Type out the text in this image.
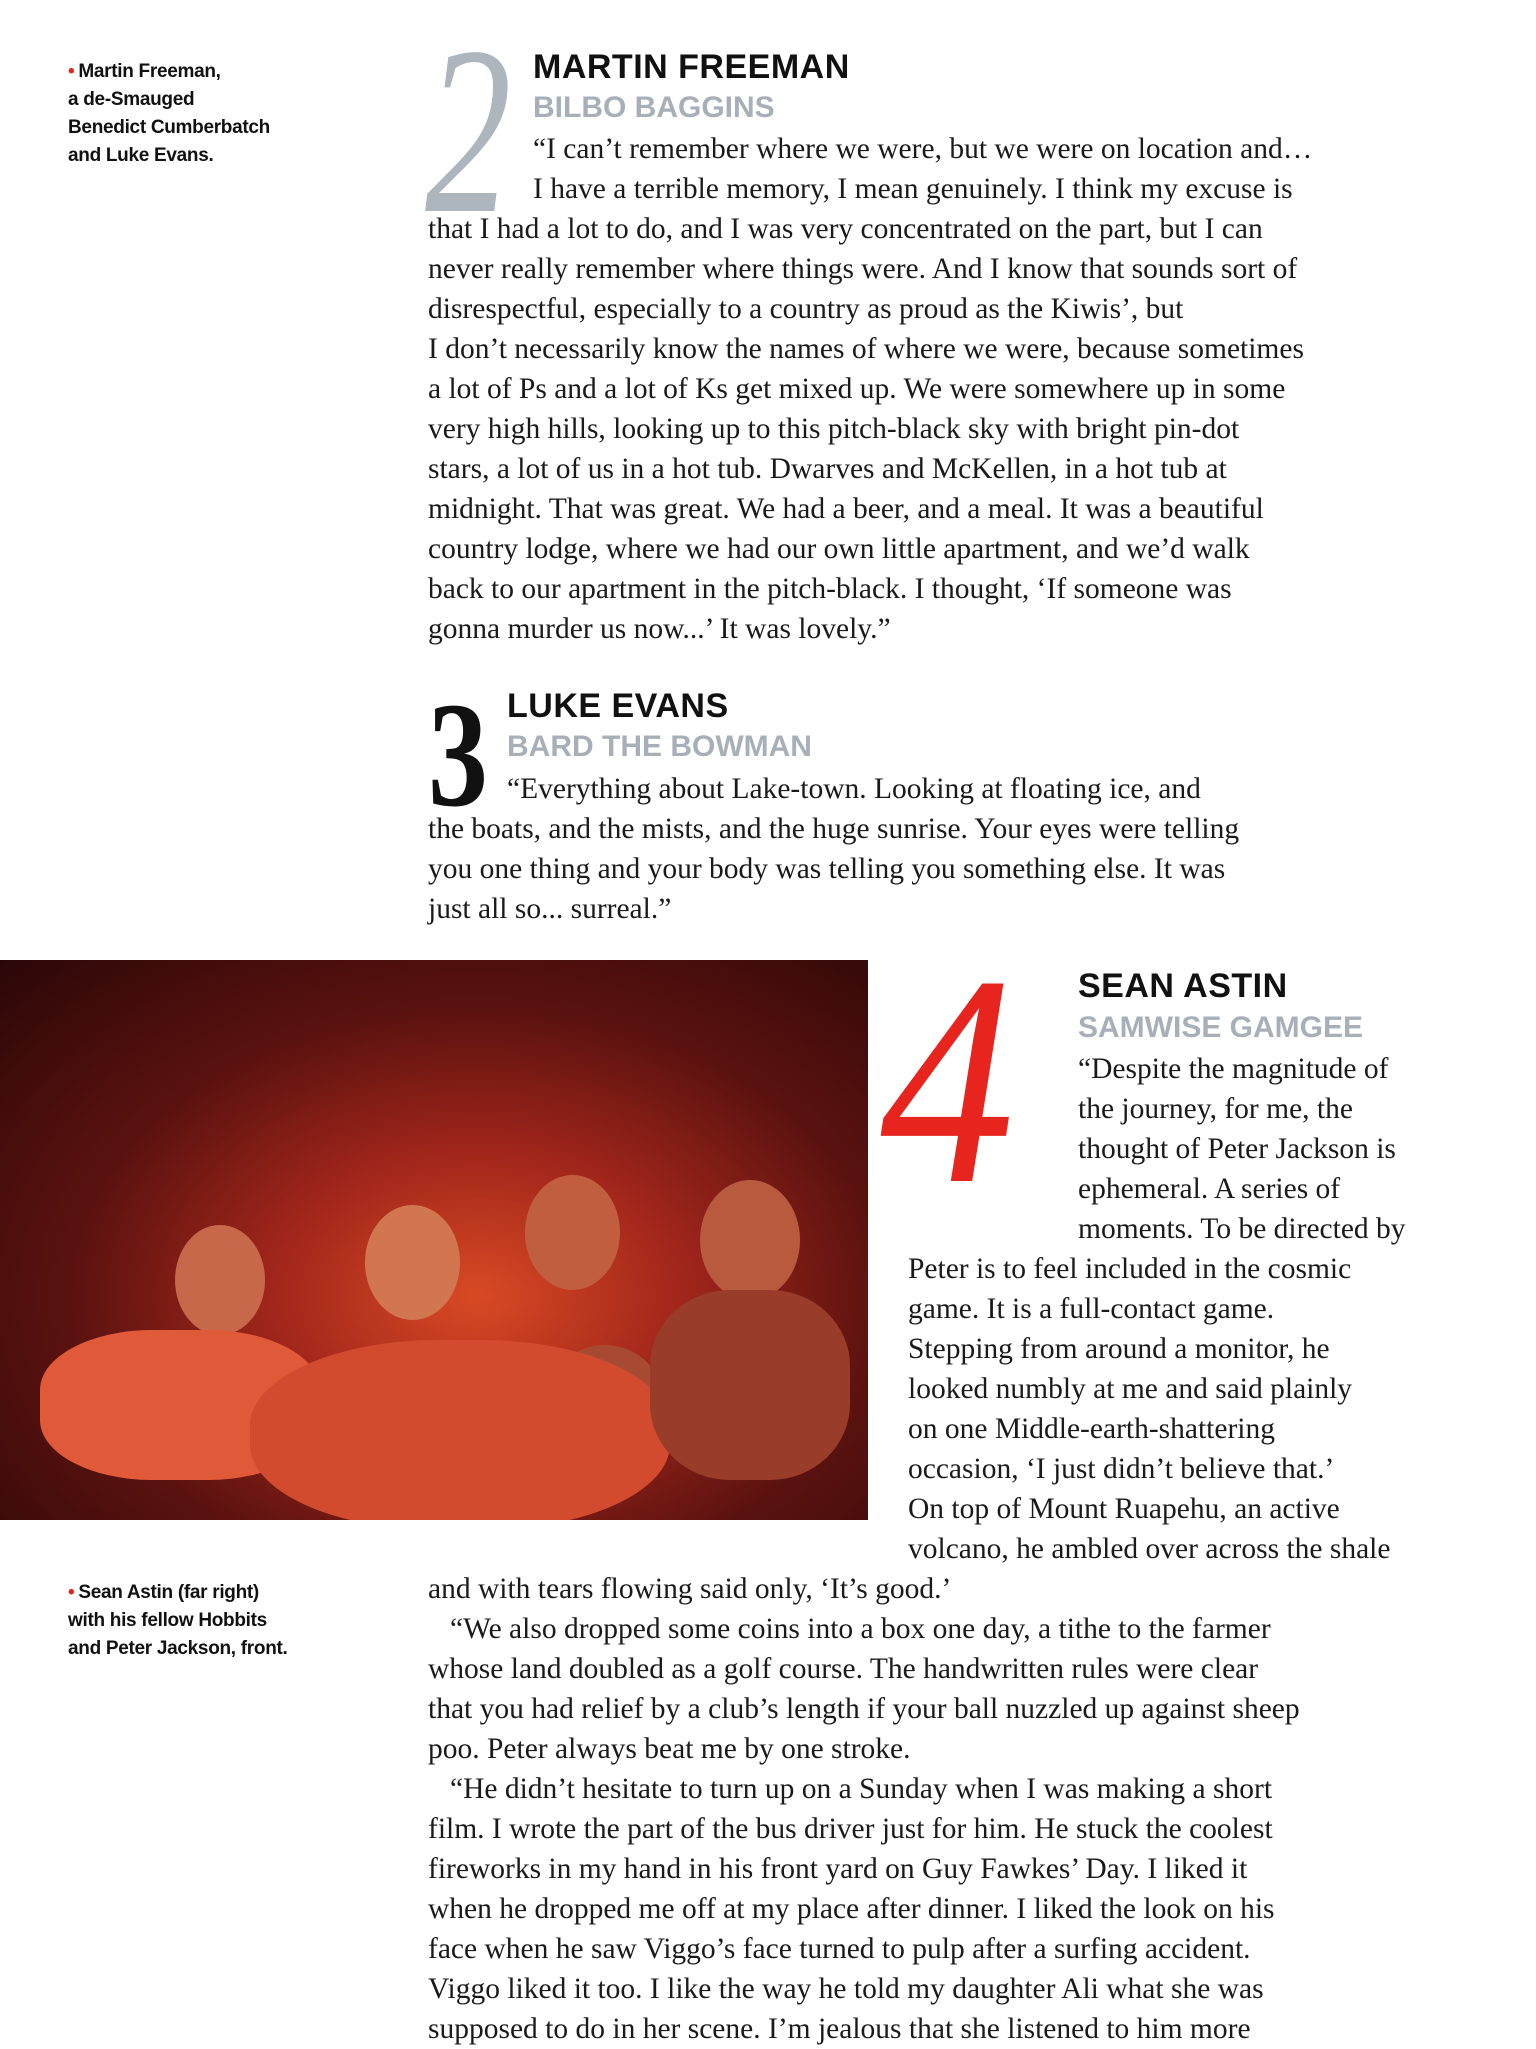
• Martin Freeman,
a de-Smauged
Benedict Cumberbatch
and Luke Evans. 2 MARTIN FREEMAN
BILBO BAGGINS

“I can’t remember where we were, but we were on location and…

I have a terrible memory, I mean genuinely. I think my excuse is

that I had a lot to do, and I was very concentrated on the part, but I can

never really remember where things were. And I know that sounds sort of

disrespectful, especially to a country as proud as the Kiwis’, but

I don’t necessarily know the names of where we were, because sometimes

a lot of Ps and a lot of Ks get mixed up. We were somewhere up in some

very high hills, looking up to this pitch-black sky with bright pin-dot

stars, a lot of us in a hot tub. Dwarves and McKellen, in a hot tub at

midnight. That was great. We had a beer, and a meal. It was a beautiful

country lodge, where we had our own little apartment, and we’d walk

back to our apartment in the pitch-black. I thought, ‘If someone was

gonna murder us now...’ It was lovely.”

3 LUKE EVANS
BARD THE BOWMAN
“Everything about Lake-town. Looking at floating ice, and

the boats, and the mists, and the huge sunrise. Your eyes were telling

you one thing and your body was telling you something else. It was

just all so... surreal.”

• Sean Astin (far right)
with his fellow Hobbits
and Peter Jackson, front.
4 SEAN ASTIN
SAMWISE GAMGEE

“Despite the magnitude of

the journey, for me, the

thought of Peter Jackson is

ephemeral. A series of

moments. To be directed by

Peter is to feel included in the cosmic

game. It is a full-contact game.

Stepping from around a monitor, he

looked numbly at me and said plainly

on one Middle-earth-shattering

occasion, ‘I just didn’t believe that.’

On top of Mount Ruapehu, an active

volcano, he ambled over across the shale

and with tears flowing said only, ‘It’s good.’

“We also dropped some coins into a box one day, a tithe to the farmer

whose land doubled as a golf course. The handwritten rules were clear

that you had relief by a club’s length if your ball nuzzled up against sheep

poo. Peter always beat me by one stroke.

“He didn’t hesitate to turn up on a Sunday when I was making a short

film. I wrote the part of the bus driver just for him. He stuck the coolest

fireworks in my hand in his front yard on Guy Fawkes’ Day. I liked it

when he dropped me off at my place after dinner. I liked the look on his

face when he saw Viggo’s face turned to pulp after a surfing accident.

Viggo liked it too. I like the way he told my daughter Ali what she was

supposed to do in her scene. I’m jealous that she listened to him more
